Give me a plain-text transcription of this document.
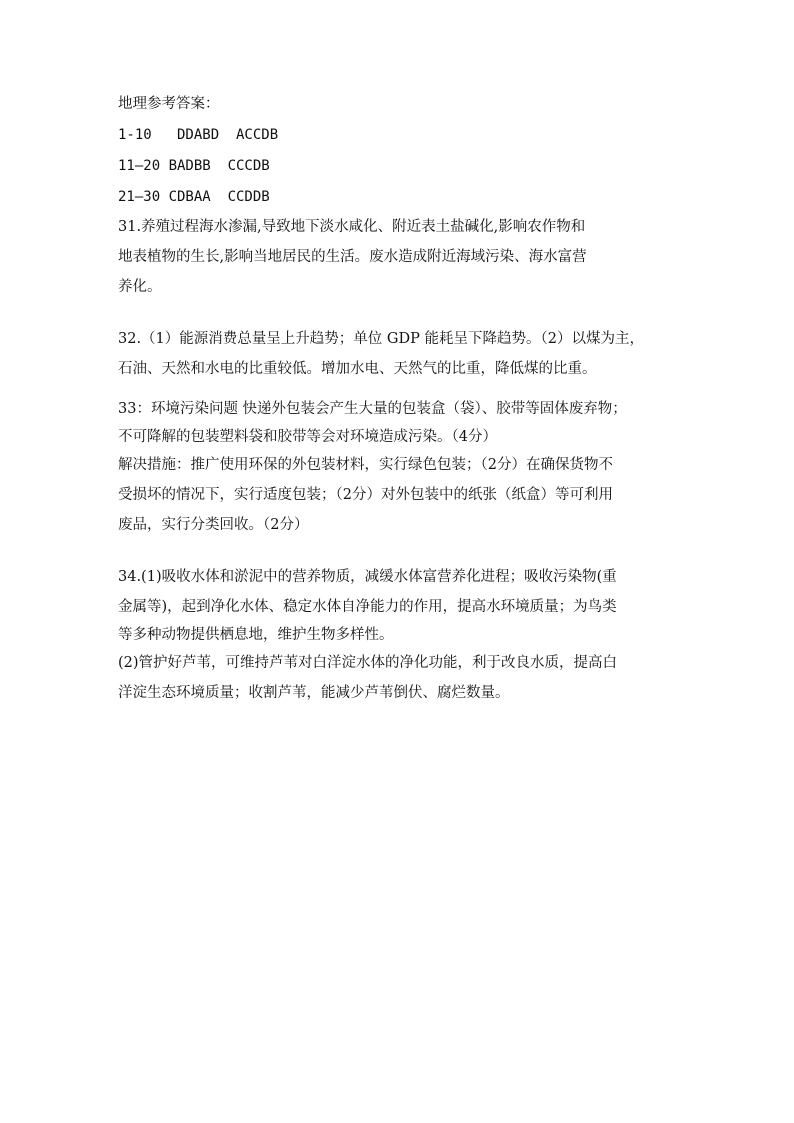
地理参考答案：
1-10   DDABD  ACCDB
11—20 BADBB  CCCDB
21—30 CDBAA  CCDDB
31.养殖过程海水渗漏,导致地下淡水咸化、附近表土盐碱化,影响农作物和
地表植物的生长,影响当地居民的生活。废水造成附近海域污染、海水富营
养化。
32.（1）能源消费总量呈上升趋势；单位 GDP 能耗呈下降趋势。（2）以煤为主，
石油、天然和水电的比重较低。增加水电、天然气的比重，降低煤的比重。
33：环境污染问题 快递外包装会产生大量的包装盒（袋）、胶带等固体废弃物；
不可降解的包装塑料袋和胶带等会对环境造成污染。（4分）
解决措施：推广使用环保的外包装材料，实行绿色包装；（2分）在确保货物不
受损坏的情况下，实行适度包装；（2分）对外包装中的纸张（纸盒）等可利用
废品，实行分类回收。（2分）
34.(1)吸收水体和淤泥中的营养物质，减缓水体富营养化进程；吸收污染物(重
金属等)，起到净化水体、稳定水体自净能力的作用，提高水环境质量；为鸟类
等多种动物提供栖息地，维护生物多样性。
(2)管护好芦苇，可维持芦苇对白洋淀水体的净化功能，利于改良水质，提高白
洋淀生态环境质量；收割芦苇，能减少芦苇倒伏、腐烂数量。
